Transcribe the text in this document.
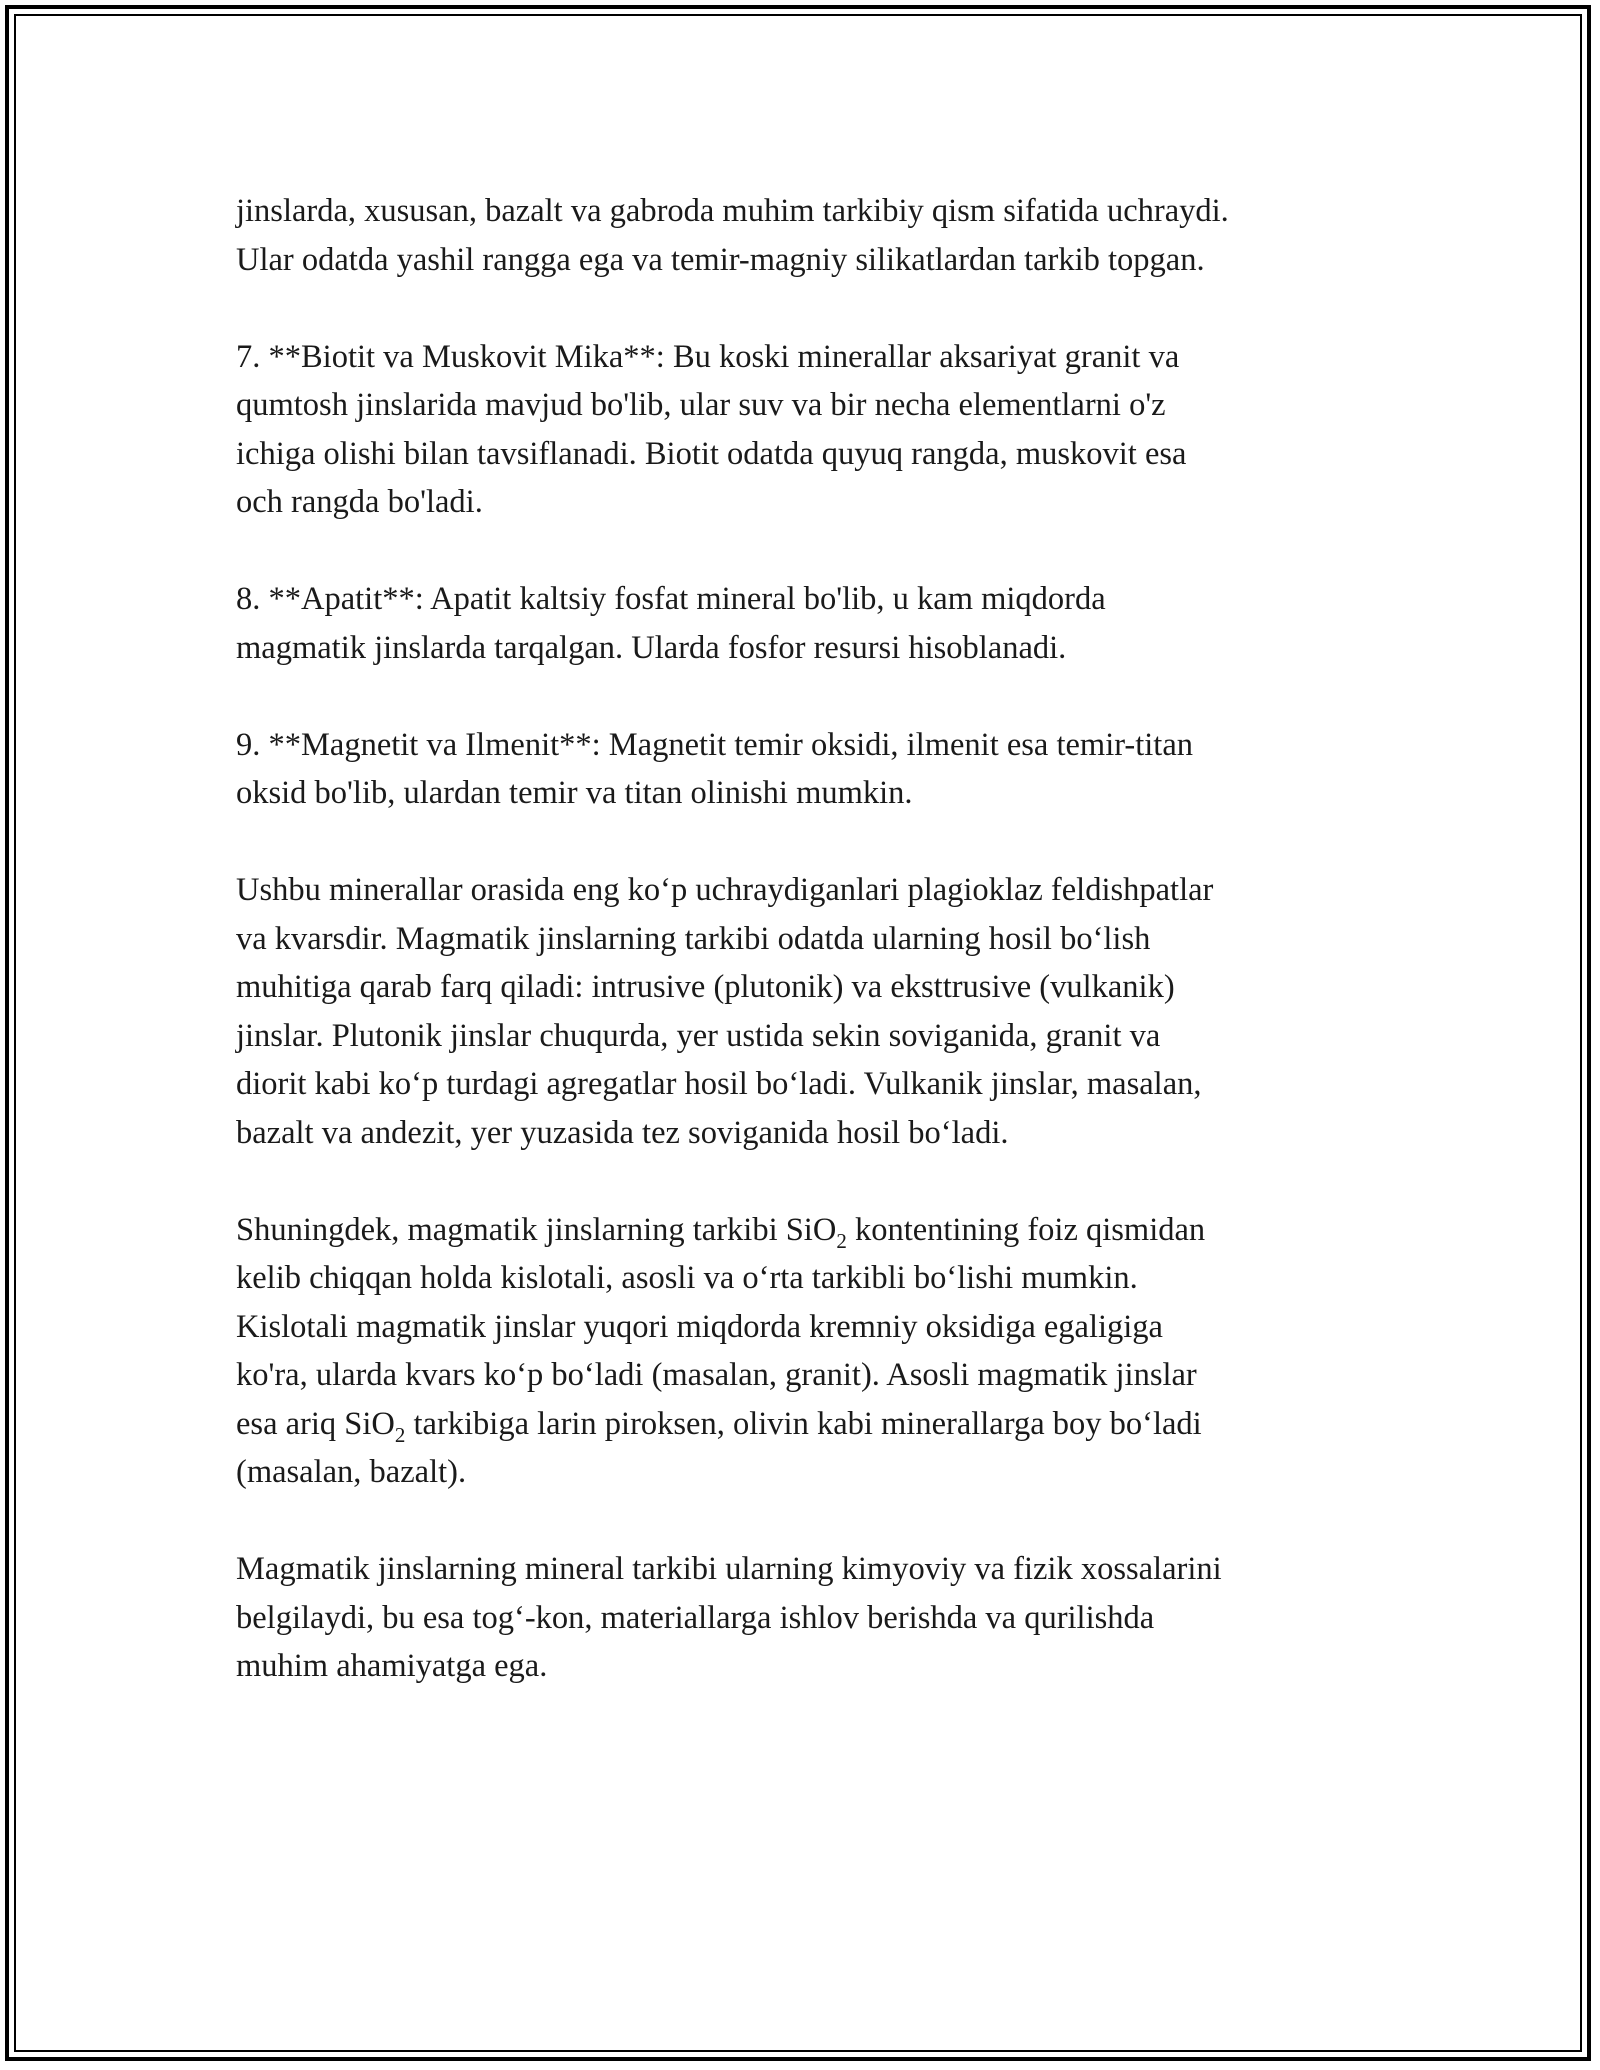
jinslarda, xususan, bazalt va gabroda muhim tarkibiy qism sifatida uchraydi.
Ular odatda yashil rangga ega va temir-magniy silikatlardan tarkib topgan.
7. **Biotit va Muskovit Mika**: Bu koski minerallar aksariyat granit va
qumtosh jinslarida mavjud bo'lib, ular suv va bir necha elementlarni o'z
ichiga olishi bilan tavsiflanadi. Biotit odatda quyuq rangda, muskovit esa
och rangda bo'ladi.
8. **Apatit**: Apatit kaltsiy fosfat mineral bo'lib, u kam miqdorda
magmatik jinslarda tarqalgan. Ularda fosfor resursi hisoblanadi.
9. **Magnetit va Ilmenit**: Magnetit temir oksidi, ilmenit esa temir-titan
oksid bo'lib, ulardan temir va titan olinishi mumkin.
Ushbu minerallar orasida eng ko‘p uchraydiganlari plagioklaz feldishpatlar
va kvarsdir. Magmatik jinslarning tarkibi odatda ularning hosil bo‘lish
muhitiga qarab farq qiladi: intrusive (plutonik) va eksttrusive (vulkanik)
jinslar. Plutonik jinslar chuqurda, yer ustida sekin soviganida, granit va
diorit kabi ko‘p turdagi agregatlar hosil bo‘ladi. Vulkanik jinslar, masalan,
bazalt va andezit, yer yuzasida tez soviganida hosil bo‘ladi.
Shuningdek, magmatik jinslarning tarkibi SiO$_2$ kontentining foiz qismidan
kelib chiqqan holda kislotali, asosli va o‘rta tarkibli bo‘lishi mumkin.
Kislotali magmatik jinslar yuqori miqdorda kremniy oksidiga egaligiga
ko'ra, ularda kvars ko‘p bo‘ladi (masalan, granit). Asosli magmatik jinslar
esa ariq SiO$_2$ tarkibiga larin piroksen, olivin kabi minerallarga boy bo‘ladi
(masalan, bazalt).
Magmatik jinslarning mineral tarkibi ularning kimyoviy va fizik xossalarini
belgilaydi, bu esa tog‘-kon, materiallarga ishlov berishda va qurilishda
muhim ahamiyatga ega.
